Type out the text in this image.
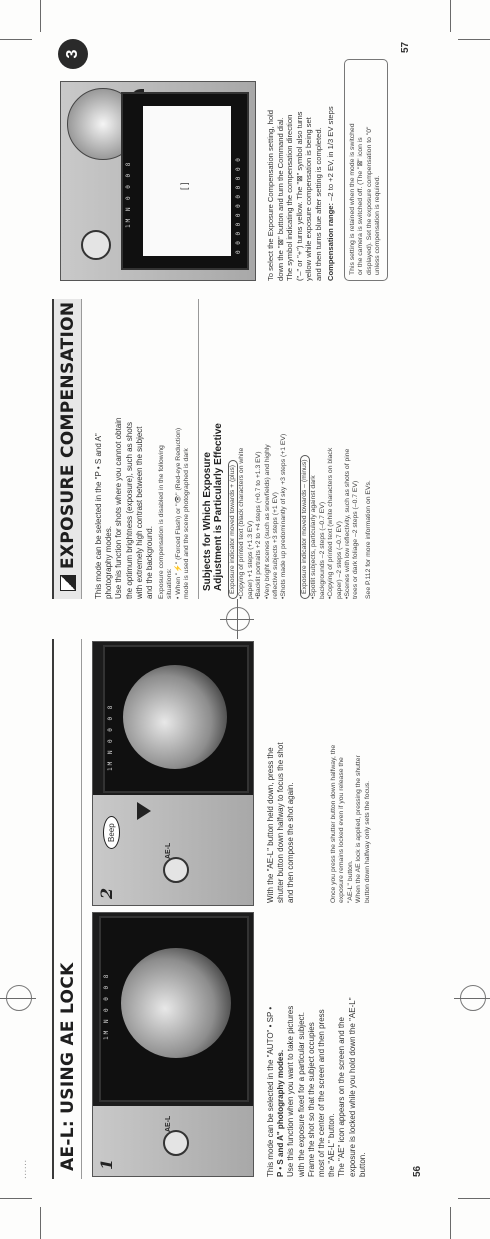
...... AE-L: USING AE LOCK 1
AE-L
1M N 0 0 0 8
2
AE-L
Beep
1M N 0 0 0 8
This mode can be selected in the "AUTO" • SP • P • S and A" photography modes. Use this function when you want to take pictures with the exposure fixed for a particular subject. Frame the shot so that the subject occupies most of the center of the screen and then press the "AE-L" button. The "AE" icon appears on the screen and the exposure is locked while you hold down the "AE-L" button.
With the "AE-L" button held down, press the shutter button down halfway to focus the shot and then compose the shot again.	Once you press the shutter button down halfway, the exposure remains locked even if you release the "AE-L" button. When the AE lock is applied, pressing the shutter button down halfway only sets the focus.
56
EXPOSURE COMPENSATION
3
This mode can be selected in the "P • S and A" photography modes. Use this function for shots where you cannot obtain the optimum brightness (exposure), such as shots with extremely high contrast between the subject and the background. Exposure compensation is disabled in the following situations: • When "⚡" (Forced Flash) or "👁" (Red-eye Reduction) mode is used and the scene photographed is dark Subjects for Which Exposure Adjustment is Particularly Effective Exposure indicator moved towards + (plus) •Copying of printed text (black characters on white paper) +1 steps (+1.3 EV) •Backlit portraits +2 to +4 steps (+0.7 to +1.3 EV) •Very bright scenes (such as snowfields) and highly reflective subjects +3 steps (+1 EV) •Shots made up predominantly of sky +3 steps (+1 EV) Exposure indicator moved towards – (minus) •Spotlit subjects, particularly against dark backgrounds –2 steps (–0.7 EV) •Copying of printed text (white characters on black paper) –2 steps (–0.7 EV) •Scenes with low reflectivity, such as shots of pine trees or dark foliage –2 steps (–0.7 EV) See P.112 for more information on EVs.
1M N 0 0 0 8	[ ]	0 0 0 0 0 0 0 0 0 0 0	To select the Exposure Compensation setting, hold down the "⊠" button and turn the Command dial. The symbol indicating the compensation direction ("–" or "+") turns yellow. The "⊠" symbol also turns yellow while exposure compensation is being set and then turns blue after setting is completed. Compensation range: –2 to +2 EV, in 1/3 EV steps This setting is retained when the mode is switched or the camera is switched off. (The "⊠" icon is displayed). Set the exposure compensation to "0" unless compensation is required.
57
